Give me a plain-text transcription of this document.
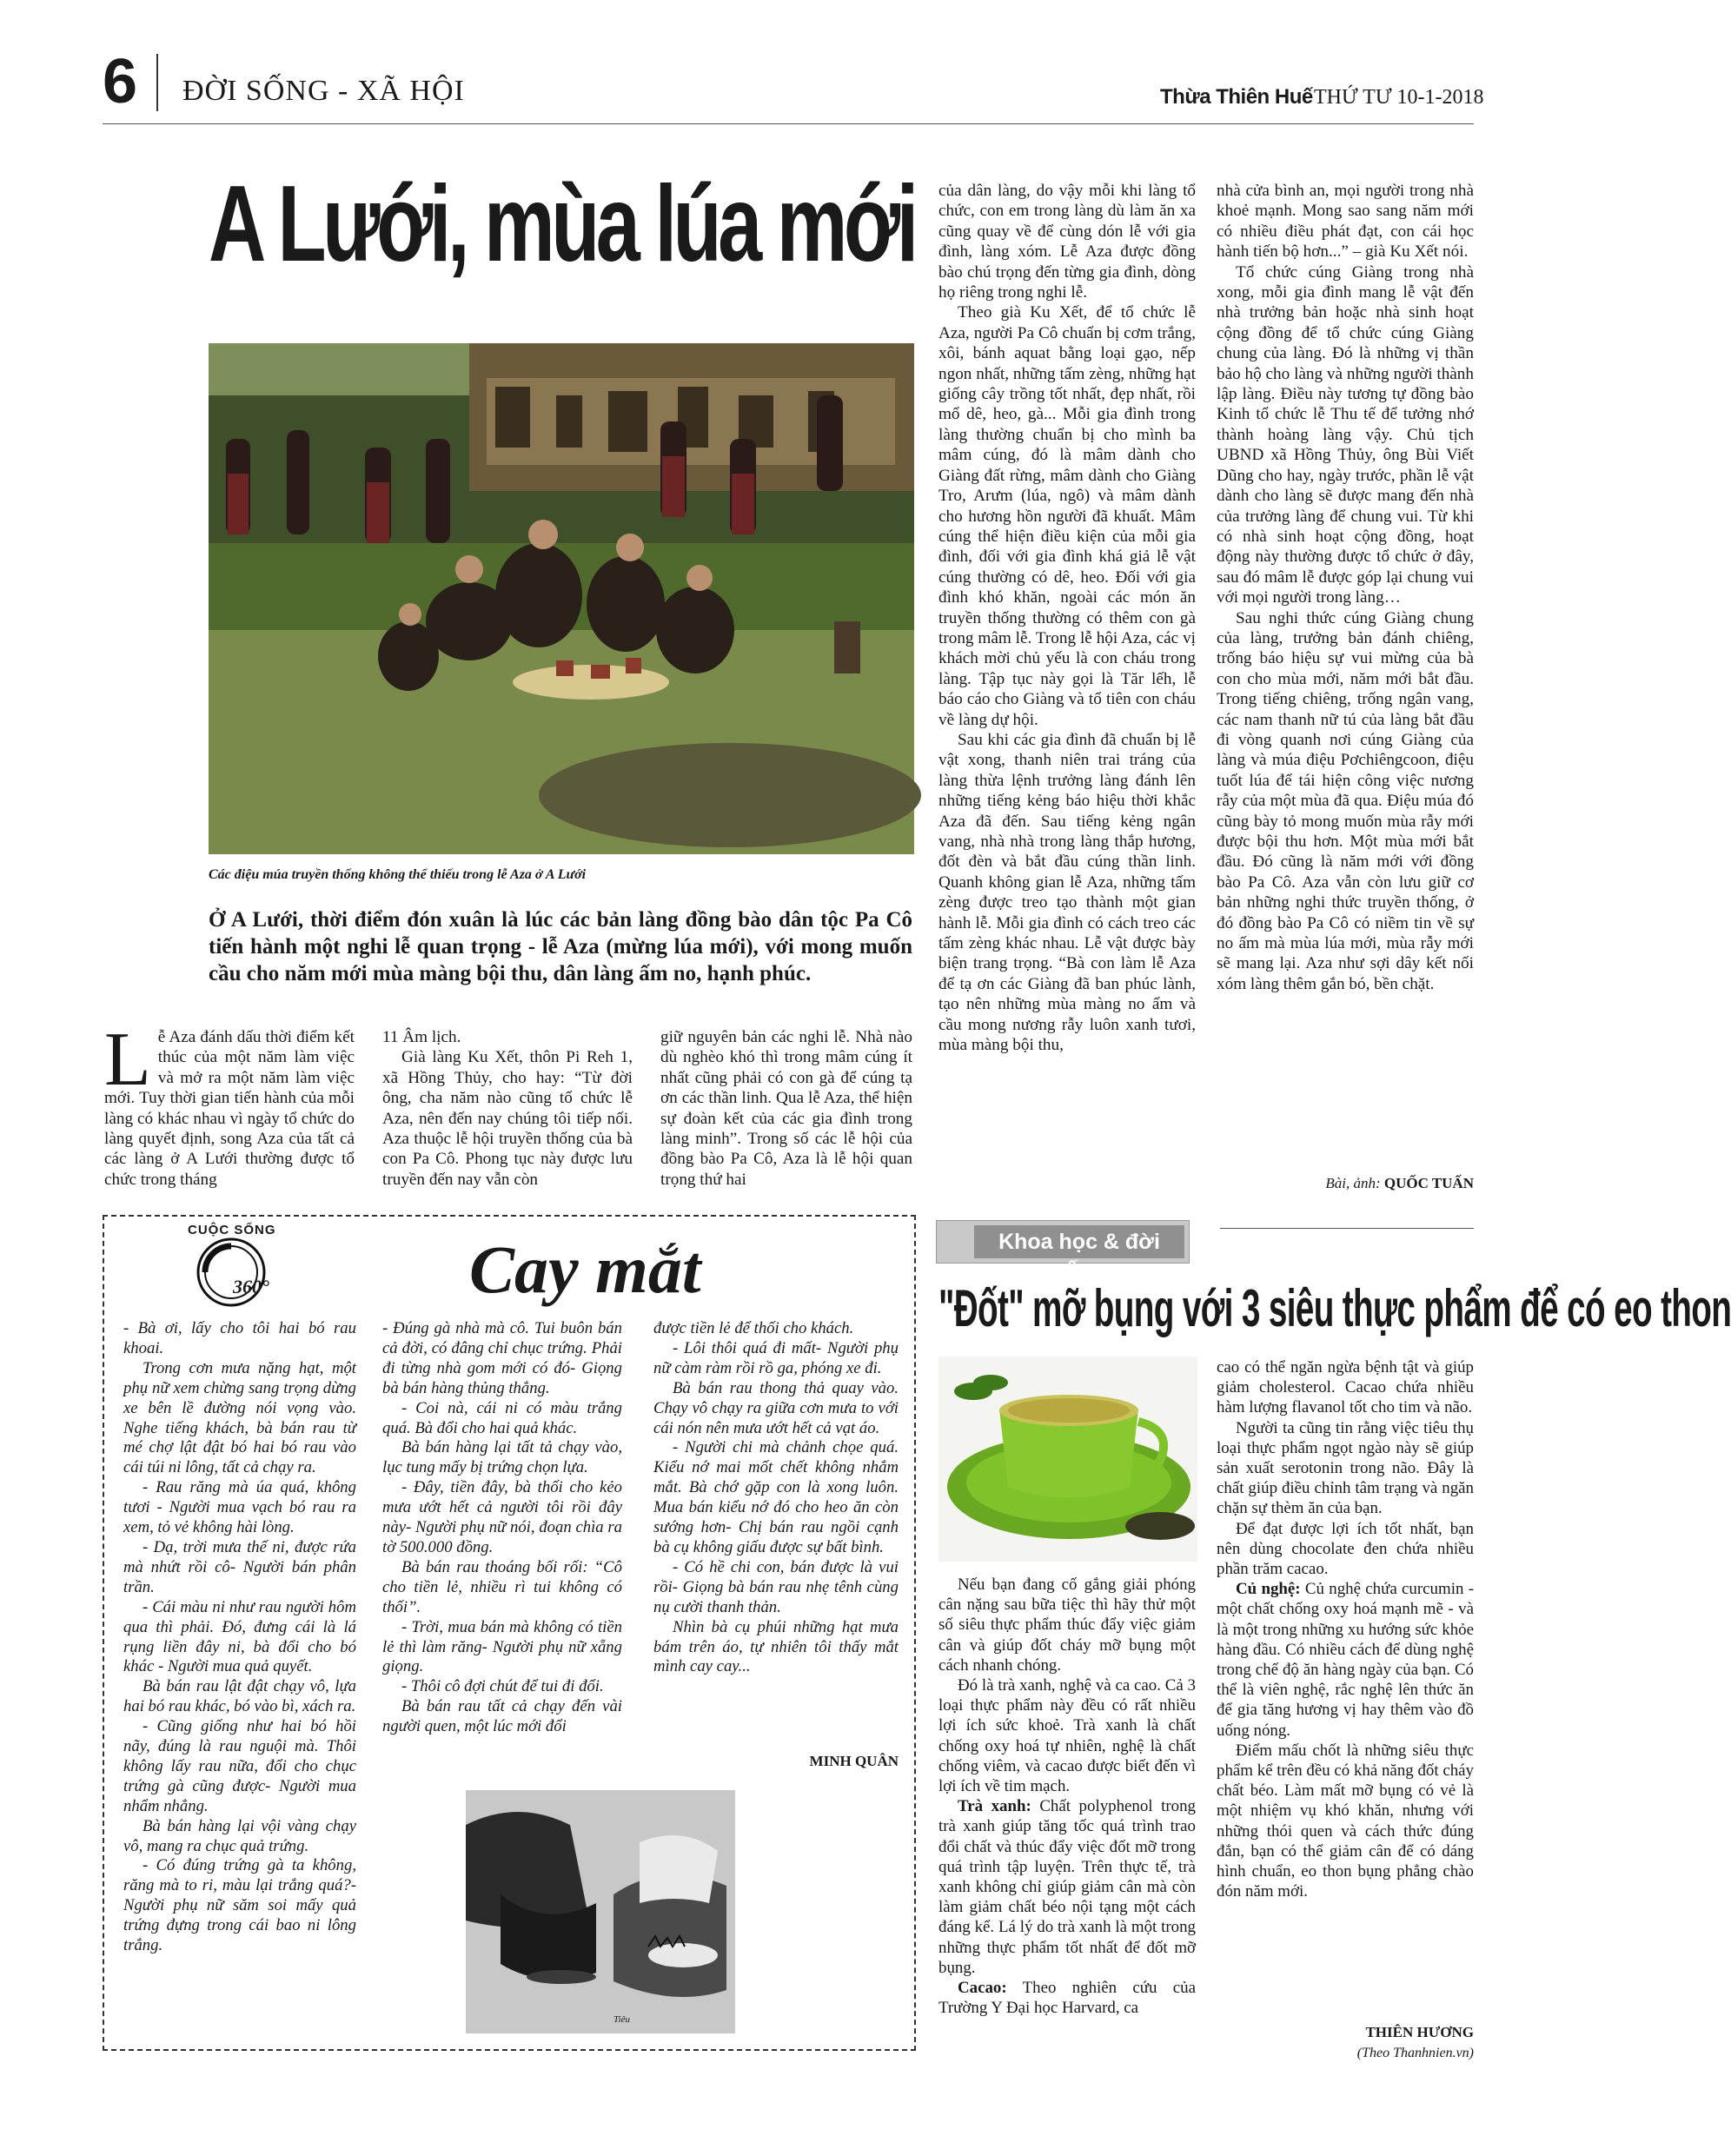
6 ĐỜI SỐNG - XÃ HỘI	Thừa Thiên Huế THỨ TƯ 10-1-2018
A Lưới, mùa lúa mới
Các điệu múa truyền thống không thể thiếu trong lễ Aza ở A Lưới
Ở A Lưới, thời điểm đón xuân là lúc các bản làng đồng bào dân tộc Pa Cô tiến hành một nghi lễ quan trọng - lễ Aza (mừng lúa mới), với mong muốn cầu cho năm mới mùa màng bội thu, dân làng ấm no, hạnh phúc.
L ễ Aza đánh dấu thời điểm kết thúc của một năm làm việc và mở ra một năm làm việc mới. Tuy thời gian tiến hành của mỗi làng có khác nhau vì ngày tổ chức do làng quyết định, song Aza của tất cả các làng ở A Lưới thường được tổ chức trong tháng

11 Âm lịch.

Già làng Ku Xết, thôn Pi Reh 1, xã Hồng Thủy, cho hay: “Từ đời ông, cha năm nào cũng tổ chức lễ Aza, nên đến nay chúng tôi tiếp nối. Aza thuộc lễ hội truyền thống của bà con Pa Cô. Phong tục này được lưu truyền đến nay vẫn còn

giữ nguyên bản các nghi lễ. Nhà nào dù nghèo khó thì trong mâm cúng ít nhất cũng phải có con gà để cúng tạ ơn các thần linh. Qua lễ Aza, thể hiện sự đoàn kết của các gia đình trong làng minh”. Trong số các lễ hội của đồng bào Pa Cô, Aza là lễ hội quan trọng thứ hai

của dân làng, do vậy mỗi khi làng tổ chức, con em trong làng dù làm ăn xa cũng quay về để cùng dón lễ với gia đình, làng xóm. Lễ Aza được đồng bào chú trọng đến từng gia đình, dòng họ riêng trong nghi lễ.

Theo già Ku Xết, để tổ chức lễ Aza, người Pa Cô chuẩn bị cơm trắng, xôi, bánh aquat bằng loại gạo, nếp ngon nhất, những tấm zèng, những hạt giống cây trồng tốt nhất, đẹp nhất, rồi mổ dê, heo, gà... Mỗi gia đình trong làng thường chuẩn bị cho mình ba mâm cúng, đó là mâm dành cho Giàng đất rừng, mâm dành cho Giàng Tro, Arưm (lúa, ngô) và mâm dành cho hương hồn người đã khuất. Mâm cúng thể hiện điều kiện của mỗi gia đình, đối với gia đình khá giả lễ vật cúng thường có dê, heo. Đối với gia đình khó khăn, ngoài các món ăn truyền thống thường có thêm con gà trong mâm lễ. Trong lễ hội Aza, các vị khách mời chủ yếu là con cháu trong làng. Tập tục này gọi là Tăr lếh, lễ báo cáo cho Giàng và tổ tiên con cháu về làng dự hội.

Sau khi các gia đình đã chuẩn bị lễ vật xong, thanh niên trai tráng của làng thừa lệnh trưởng làng đánh lên những tiếng kẻng báo hiệu thời khắc Aza đã đến. Sau tiếng kẻng ngân vang, nhà nhà trong làng thắp hương, đốt đèn và bắt đầu cúng thần linh. Quanh không gian lễ Aza, những tấm zèng được treo tạo thành một gian hành lễ. Mỗi gia đình có cách treo các tấm zèng khác nhau. Lễ vật được bày biện trang trọng. “Bà con làm lễ Aza để tạ ơn các Giàng đã ban phúc lành, tạo nên những mùa màng no ấm và cầu mong nương rẫy luôn xanh tươi, mùa màng bội thu,

nhà cửa bình an, mọi người trong nhà khoẻ mạnh. Mong sao sang năm mới có nhiều điều phát đạt, con cái học hành tiến bộ hơn...” – già Ku Xết nói.

Tổ chức cúng Giàng trong nhà xong, mỗi gia đình mang lễ vật đến nhà trưởng bản hoặc nhà sinh hoạt cộng đồng để tổ chức cúng Giàng chung của làng. Đó là những vị thần bảo hộ cho làng và những người thành lập làng. Điều này tương tự đồng bào Kinh tổ chức lễ Thu tế để tưởng nhớ thành hoàng làng vậy. Chủ tịch UBND xã Hồng Thủy, ông Bùi Viết Dũng cho hay, ngày trước, phần lễ vật dành cho làng sẽ được mang đến nhà của trưởng làng để chung vui. Từ khi có nhà sinh hoạt cộng đồng, hoạt động này thường được tổ chức ở đây, sau đó mâm lễ được góp lại chung vui với mọi người trong làng…

Sau nghi thức cúng Giàng chung của làng, trưởng bản đánh chiêng, trống báo hiệu sự vui mừng của bà con cho mùa mới, năm mới bắt đầu. Trong tiếng chiêng, trống ngân vang, các nam thanh nữ tú của làng bắt đầu đi vòng quanh nơi cúng Giàng của làng và múa điệu Pơchiêngcoon, điệu tuốt lúa để tái hiện công việc nương rẫy của một mùa đã qua. Điệu múa đó cũng bày tỏ mong muốn mùa rẫy mới được bội thu hơn. Một mùa mới bắt đầu. Đó cũng là năm mới với đồng bào Pa Cô. Aza vẫn còn lưu giữ cơ bản những nghi thức truyền thống, ở đó đồng bào Pa Cô có niềm tin về sự no ấm mà mùa lúa mới, mùa rẫy mới sẽ mang lại. Aza như sợi dây kết nối xóm làng thêm gắn bó, bền chặt.

Bài, ảnh: QUỐC TUẤN
CUỘC SỐNG
360°	Cay mắt

- Bà ơi, lấy cho tôi hai bó rau khoai.

Trong cơn mưa nặng hạt, một phụ nữ xem chừng sang trọng dừng xe bên lề đường nói vọng vào. Nghe tiếng khách, bà bán rau từ mé chợ lật đật bó hai bó rau vào cái túi ni lông, tất cả chạy ra.

- Rau răng mà úa quá, không tươi - Người mua vạch bó rau ra xem, tỏ vẻ không hài lòng.

- Dạ, trời mưa thế ni, được rứa mà nhứt rồi cô- Người bán phân trần.

- Cái màu ni như rau người hôm qua thì phải. Đó, đưng cái là lá rụng liền đây ni, bà đổi cho bó khác - Người mua quả quyết.

Bà bán rau lật đật chạy vô, lựa hai bó rau khác, bó vào bì, xách ra.

- Cũng giống như hai bó hồi nãy, đúng là rau nguội mà. Thôi không lấy rau nữa, đổi cho chục trứng gà cũng được- Người mua nhẩm nhẳng.

Bà bán hàng lại vội vàng chạy vô, mang ra chục quả trứng.

- Có đúng trứng gà ta không, răng mà to ri, màu lại trắng quá?- Người phụ nữ săm soi mấy quả trứng đựng trong cái bao ni lông trắng.

- Đúng gà nhà mà cô. Tui buôn bán cả đời, có đâng chỉ chục trứng. Phải đi từng nhà gom mới có đó- Giọng bà bán hàng thủng thẳng.

- Coi nà, cái ni có màu trắng quá. Bà đổi cho hai quả khác.

Bà bán hàng lại tất tả chạy vào, lục tung mấy bị trứng chọn lựa.

- Đây, tiền đây, bà thối cho kẻo mưa ướt hết cả người tôi rồi đây này- Người phụ nữ nói, đoạn chìa ra tờ 500.000 đồng.

Bà bán rau thoáng bối rối: “Cô cho tiền lẻ, nhiều rì tui không có thối”.

- Trời, mua bán mà không có tiền lẻ thì làm răng- Người phụ nữ xẵng giọng.

- Thôi cô đợi chút để tui đi đổi.

Bà bán rau tất cả chạy đến vài người quen, một lúc mới đổi

được tiền lẻ để thối cho khách.

- Lôi thôi quá đi mất- Người phụ nữ càm ràm rồi rồ ga, phóng xe đi.

Bà bán rau thong thả quay vào. Chạy vô chạy ra giữa cơn mưa to với cái nón nên mưa ướt hết cả vạt áo.

- Người chi mà chảnh chọe quá. Kiểu nớ mai mốt chết không nhắm mắt. Bà chớ gặp con là xong luôn. Mua bán kiểu nớ đó cho heo ăn còn sướng hơn- Chị bán rau ngồi cạnh bà cụ không giấu được sự bất bình.

- Có hề chi con, bán được là vui rồi- Giọng bà bán rau nhẹ tênh cùng nụ cười thanh thản.

Nhìn bà cụ phúi những hạt mưa bám trên áo, tự nhiên tôi thấy mắt mình cay cay...

MINH QUÂN
Tiêu
Khoa học & đời sống
"Đốt" mỡ bụng với 3 siêu thực phẩm để có eo thon

Nếu bạn đang cố gắng giải phóng cân nặng sau bữa tiệc thì hãy thử một số siêu thực phẩm thúc đẩy việc giảm cân và giúp đốt cháy mỡ bụng một cách nhanh chóng.

Đó là trà xanh, nghệ và ca cao. Cả 3 loại thực phẩm này đều có rất nhiều lợi ích sức khoẻ. Trà xanh là chất chống oxy hoá tự nhiên, nghệ là chất chống viêm, và cacao được biết đến vì lợi ích về tim mạch.

Trà xanh: Chất polyphenol trong trà xanh giúp tăng tốc quá trình trao đổi chất và thúc đẩy việc đốt mỡ trong quá trình tập luyện. Trên thực tế, trà xanh không chỉ giúp giảm cân mà còn làm giảm chất béo nội tạng một cách đáng kể. Lá lý do trà xanh là một trong những thực phẩm tốt nhất để đốt mỡ bụng.

Cacao: Theo nghiên cứu của Trường Y Đại học Harvard, ca

cao có thể ngăn ngừa bệnh tật và giúp giảm cholesterol. Cacao chứa nhiều hàm lượng flavanol tốt cho tim và não.

Người ta cũng tin rằng việc tiêu thụ loại thực phẩm ngọt ngào này sẽ giúp sản xuất serotonin trong não. Đây là chất giúp điều chỉnh tâm trạng và ngăn chặn sự thèm ăn của bạn.

Để đạt được lợi ích tốt nhất, bạn nên dùng chocolate đen chứa nhiều phần trăm cacao.

Củ nghệ: Củ nghệ chứa curcumin - một chất chống oxy hoá mạnh mẽ - và là một trong những xu hướng sức khỏe hàng đầu. Có nhiều cách để dùng nghệ trong chế độ ăn hàng ngày của bạn. Có thể là viên nghệ, rắc nghệ lên thức ăn để gia tăng hương vị hay thêm vào đồ uống nóng.

Điểm mấu chốt là những siêu thực phẩm kể trên đều có khả năng đốt cháy chất béo. Làm mất mỡ bụng có vẻ là một nhiệm vụ khó khăn, nhưng với những thói quen và cách thức đúng đắn, bạn có thể giảm cân để có dáng hình chuẩn, eo thon bụng phẳng chào đón năm mới.

THIÊN HƯƠNG
(Theo Thanhnien.vn)
